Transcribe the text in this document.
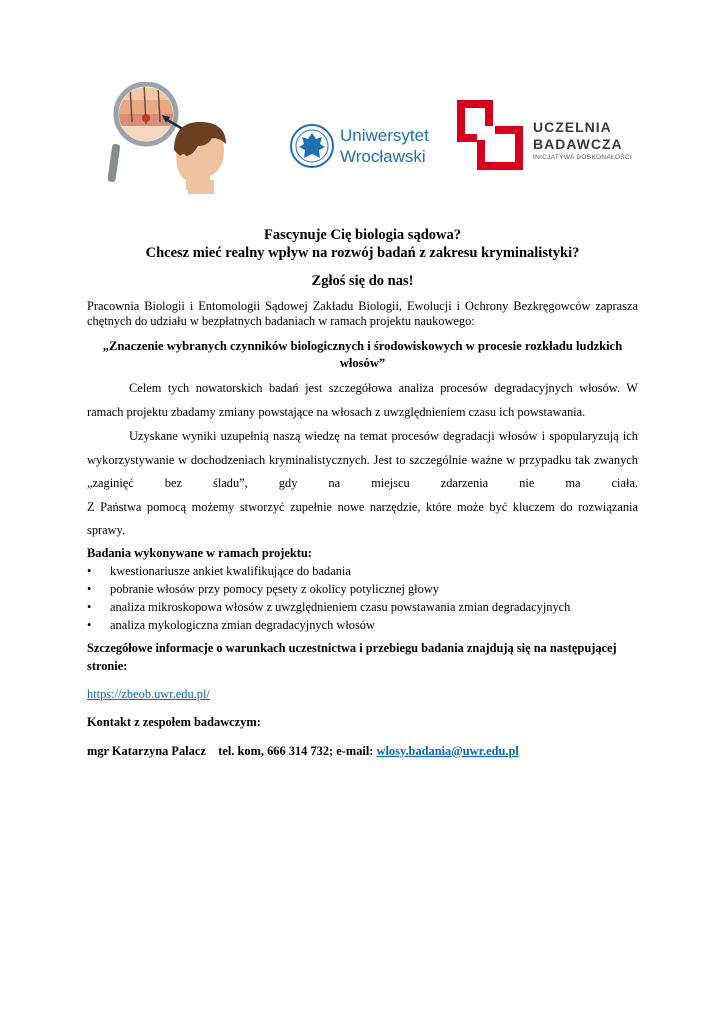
Uniwersytet
Wrocławski
UCZELNIA
BADAWCZA
INICJATYWA DOSKONAŁOŚCI

Fascynuje Cię biologia sądowa?

Chcesz mieć realny wpływ na rozwój badań z zakresu kryminalistyki?

Zgłoś się do nas!

Pracownia Biologii i Entomologii Sądowej Zakładu Biologii, Ewolucji i Ochrony Bezkręgowców zaprasza chętnych do udziału w bezpłatnych badaniach w ramach projektu naukowego:

„Znaczenie wybranych czynników biologicznych i środowiskowych w procesie rozkładu ludzkich włosów”

Celem tych nowatorskich badań jest szczegółowa analiza procesów degradacyjnych włosów. W ramach projektu zbadamy zmiany powstające na włosach z uwzględnieniem czasu ich powstawania.

Uzyskane wyniki uzupełnią naszą wiedzę na temat procesów degradacji włosów i spopularyzują ich wykorzystywanie w dochodzeniach kryminalistycznych. Jest to szczególnie ważne w przypadku tak zwanych „zaginięć bez śladu”, gdy na miejscu zdarzenia nie ma ciała.

Z Państwa pomocą możemy stworzyć zupełnie nowe narzędzie, które może być kluczem do rozwiązania sprawy.

Badania wykonywane w ramach projektu:

• kwestionariusze ankiet kwalifikujące do badania
• pobranie włosów przy pomocy pęsety z okolicy potylicznej głowy
• analiza mikroskopowa włosów z uwzględnieniem czasu powstawania zmian degradacyjnych
• analiza mykologiczna zmian degradacyjnych włosów

Szczegółowe informacje o warunkach uczestnictwa i przebiegu badania znajdują się na następującej stronie:

https://zbeob.uwr.edu.pl/

Kontakt z zespołem badawczym:

mgr Katarzyna Palacz tel. kom, 666 314 732; e-mail: wlosy.badania@uwr.edu.pl
